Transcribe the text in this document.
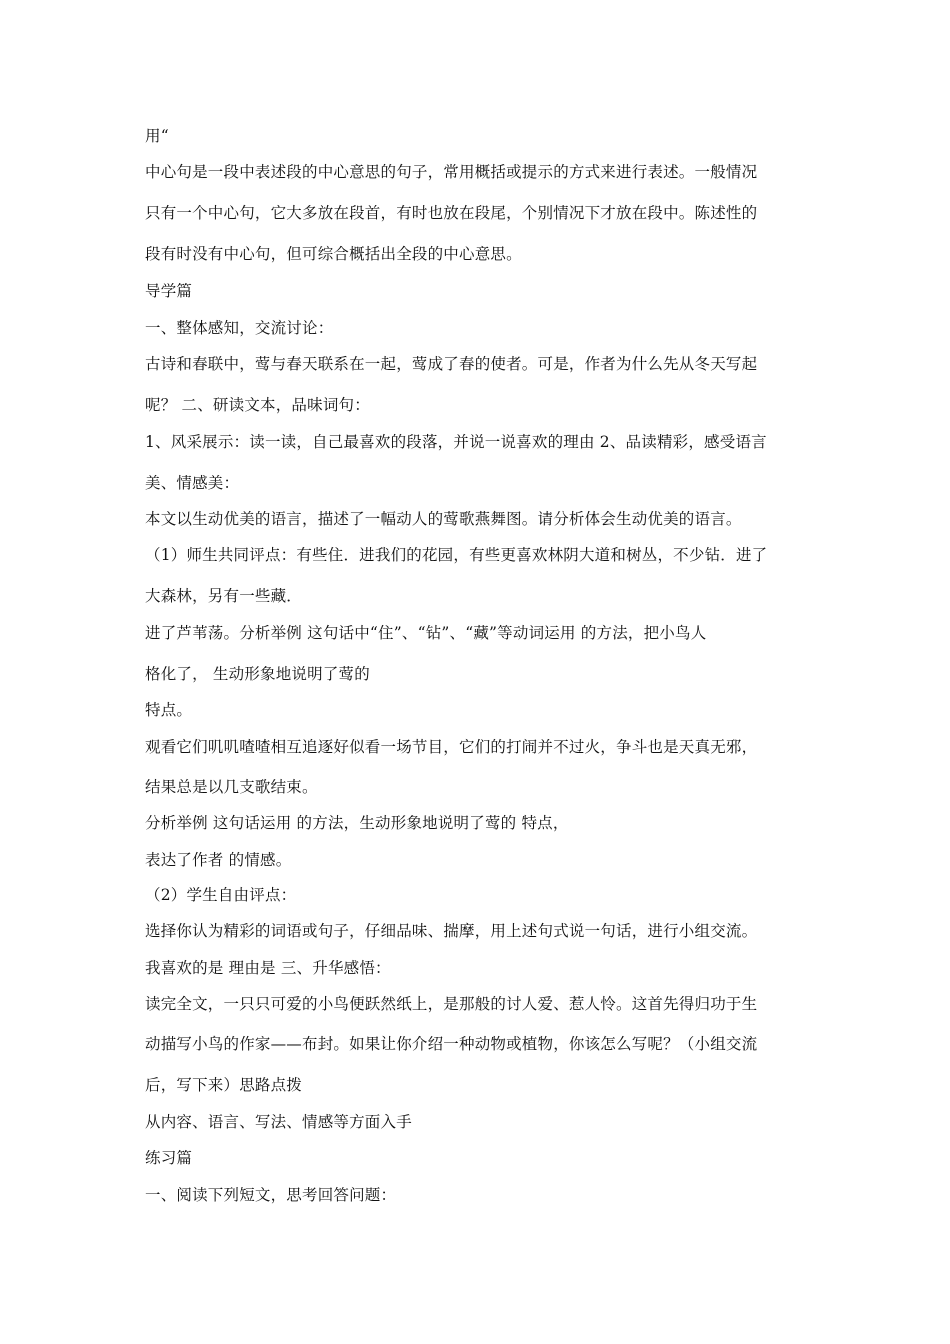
用“
中心句是一段中表述段的中心意思的句子，常用概括或提示的方式来进行表述。一般情况
只有一个中心句，它大多放在段首，有时也放在段尾，个别情况下才放在段中。陈述性的
段有时没有中心句，但可综合概括出全段的中心意思。
导学篇
一、整体感知，交流讨论：
古诗和春联中，莺与春天联系在一起，莺成了春的使者。可是，作者为什么先从冬天写起
呢？ 二、研读文本，品味词句：
1、风采展示：读一读，自己最喜欢的段落，并说一说喜欢的理由 2、品读精彩，感受语言
美、情感美：
本文以生动优美的语言，描述了一幅动人的莺歌燕舞图。请分析体会生动优美的语言。
（1）师生共同评点：有些住．进我们的花园，有些更喜欢林阴大道和树丛，不少钻．进了
大森林，另有一些藏．
进了芦苇荡。分析举例 这句话中“住”、“钻”、“藏”等动词运用 的方法，把小鸟人
格化了， 生动形象地说明了莺的
特点。
观看它们叽叽喳喳相互追逐好似看一场节目，它们的打闹并不过火，争斗也是天真无邪，
结果总是以几支歌结束。
分析举例 这句话运用 的方法，生动形象地说明了莺的 特点，
表达了作者 的情感。
（2）学生自由评点：
选择你认为精彩的词语或句子，仔细品味、揣摩，用上述句式说一句话，进行小组交流。
我喜欢的是 理由是 三、升华感悟：
读完全文，一只只可爱的小鸟便跃然纸上，是那般的讨人爱、惹人怜。这首先得归功于生
动描写小鸟的作家——布封。如果让你介绍一种动物或植物，你该怎么写呢？（小组交流
后，写下来）思路点拨
从内容、语言、写法、情感等方面入手
练习篇
一、阅读下列短文，思考回答问题：
